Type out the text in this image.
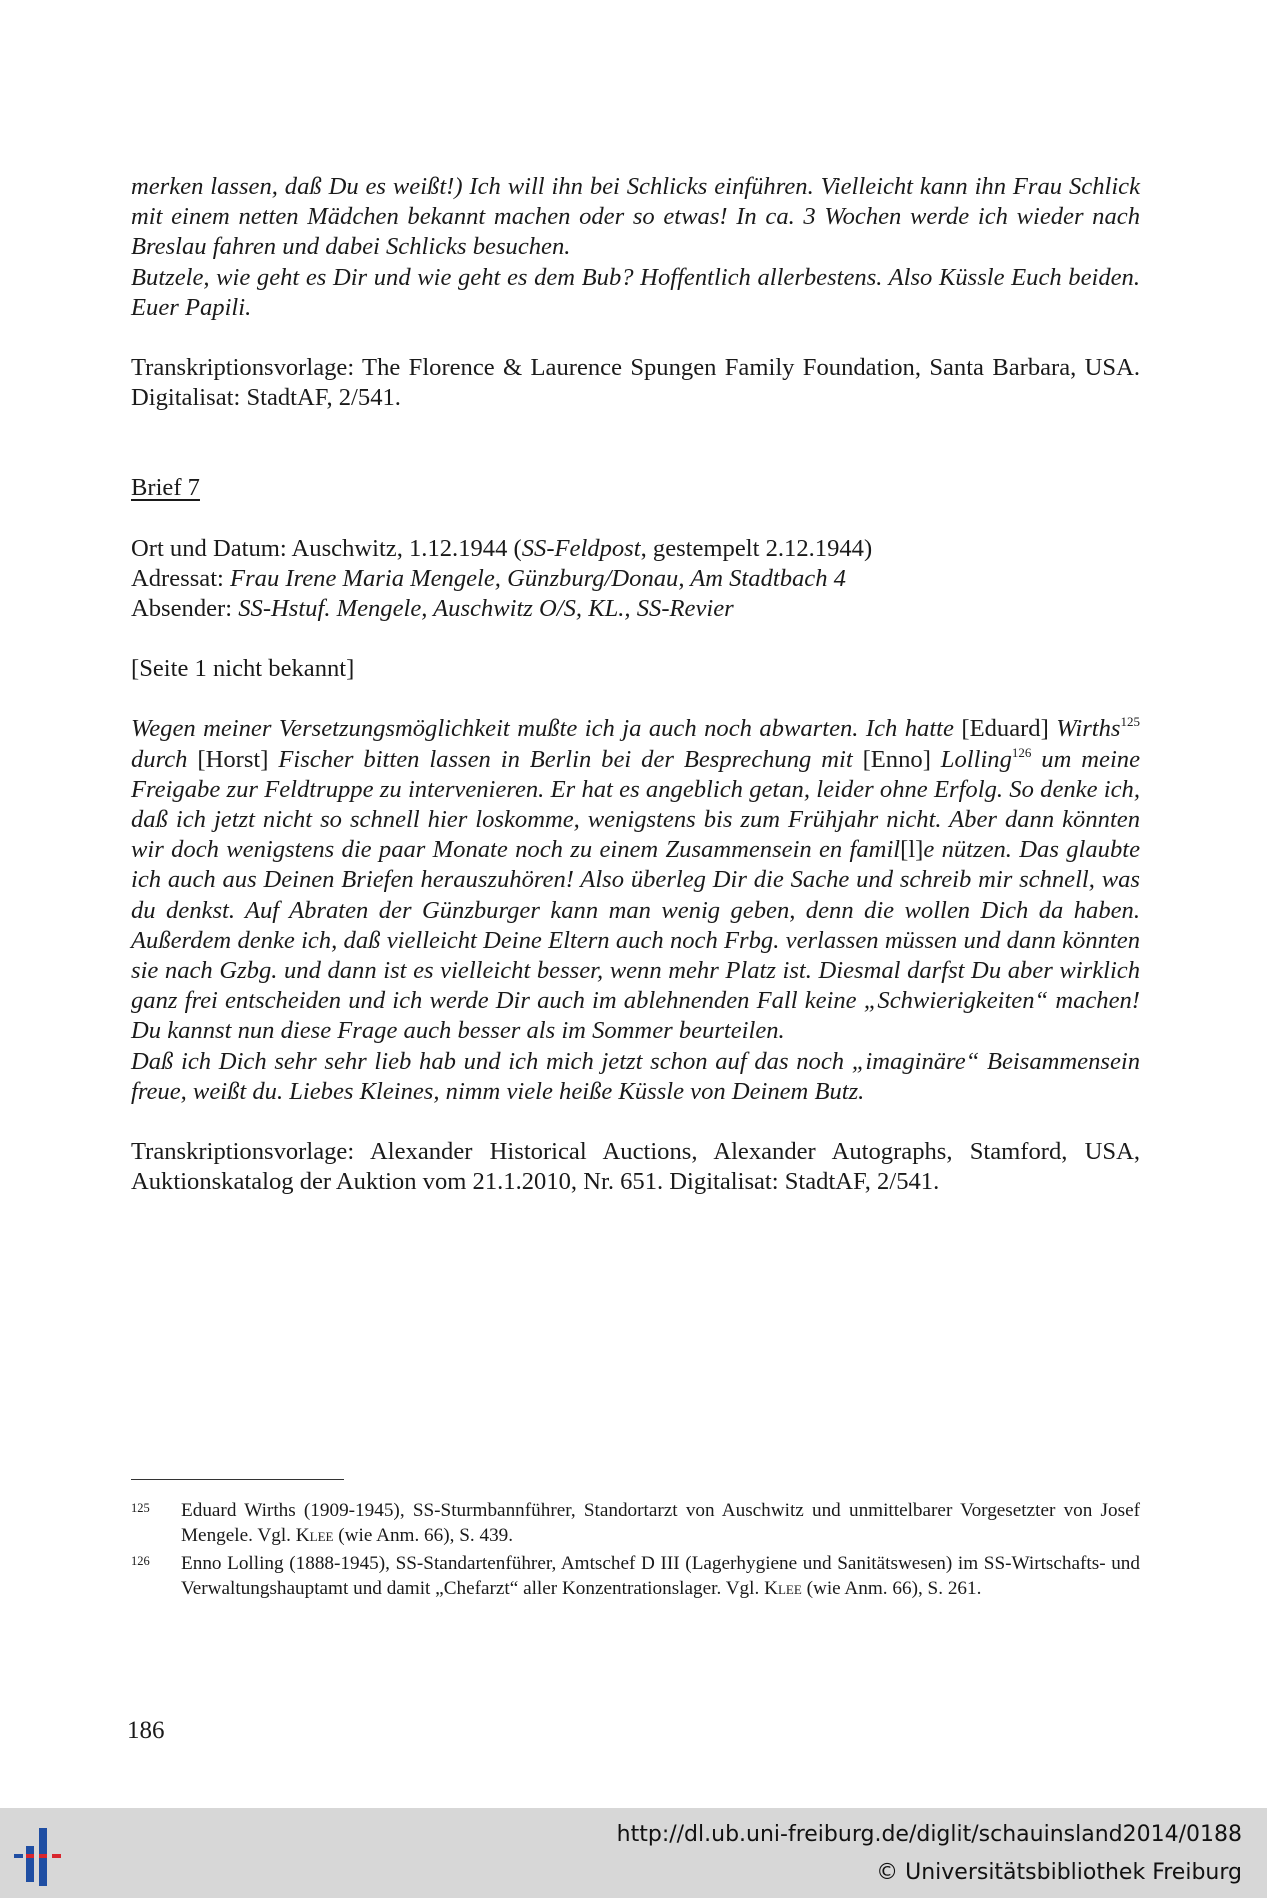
merken lassen, daß Du es weißt!) Ich will ihn bei Schlicks einführen. Vielleicht kann ihn Frau Schlick mit einem netten Mädchen bekannt machen oder so etwas! In ca. 3 Wochen werde ich wieder nach Breslau fahren und dabei Schlicks besuchen.

Butzele, wie geht es Dir und wie geht es dem Bub? Hoffentlich allerbestens. Also Küssle Euch beiden. Euer Papili.

Transkriptionsvorlage: The Florence & Laurence Spungen Family Foundation, Santa Barbara, USA. Digitalisat: StadtAF, 2/541.

Brief 7

Ort und Datum: Auschwitz, 1.12.1944 (SS-Feldpost, gestempelt 2.12.1944)

Adressat: Frau Irene Maria Mengele, Günzburg/Donau, Am Stadtbach 4

Absender: SS-Hstuf. Mengele, Auschwitz O/S, KL., SS-Revier

[Seite 1 nicht bekannt]

Wegen meiner Versetzungsmöglichkeit mußte ich ja auch noch abwarten. Ich hatte [Eduard] Wirths$^{125}$ durch [Horst] Fischer bitten lassen in Berlin bei der Besprechung mit [Enno] Lolling$^{126}$ um meine Freigabe zur Feldtruppe zu intervenieren. Er hat es angeblich getan, leider ohne Erfolg. So denke ich, daß ich jetzt nicht so schnell hier loskomme, wenigstens bis zum Frühjahr nicht. Aber dann könnten wir doch wenigstens die paar Monate noch zu einem Zusammensein en famil[l]e nützen. Das glaubte ich auch aus Deinen Briefen herauszuhören! Also überleg Dir die Sache und schreib mir schnell, was du denkst. Auf Abraten der Günzburger kann man wenig geben, denn die wollen Dich da haben. Außerdem denke ich, daß vielleicht Deine Eltern auch noch Frbg. verlassen müssen und dann könnten sie nach Gzbg. und dann ist es vielleicht besser, wenn mehr Platz ist. Diesmal darfst Du aber wirklich ganz frei entscheiden und ich werde Dir auch im ablehnenden Fall keine „Schwierigkeiten“ machen! Du kannst nun diese Frage auch besser als im Sommer beurteilen.

Daß ich Dich sehr sehr lieb hab und ich mich jetzt schon auf das noch „imaginäre“ Beisammensein freue, weißt du. Liebes Kleines, nimm viele heiße Küssle von Deinem Butz.

Transkriptionsvorlage: Alexander Historical Auctions, Alexander Autographs, Stamford, USA, Auktionskatalog der Auktion vom 21.1.2010, Nr. 651. Digitalisat: StadtAF, 2/541.

125	Eduard Wirths (1909-1945), SS-Sturmbannführer, Standortarzt von Auschwitz und unmittelbarer Vorgesetzter von Josef Mengele. Vgl. Klee (wie Anm. 66), S. 439.
126	Enno Lolling (1888-1945), SS-Standartenführer, Amtschef D III (Lagerhygiene und Sanitätswesen) im SS-Wirtschafts- und Verwaltungshauptamt und damit „Chefarzt“ aller Konzentrationslager. Vgl. Klee (wie Anm. 66), S. 261.
186
http://dl.ub.uni-freiburg.de/diglit/schauinsland2014/0188
© Universitätsbibliothek Freiburg
